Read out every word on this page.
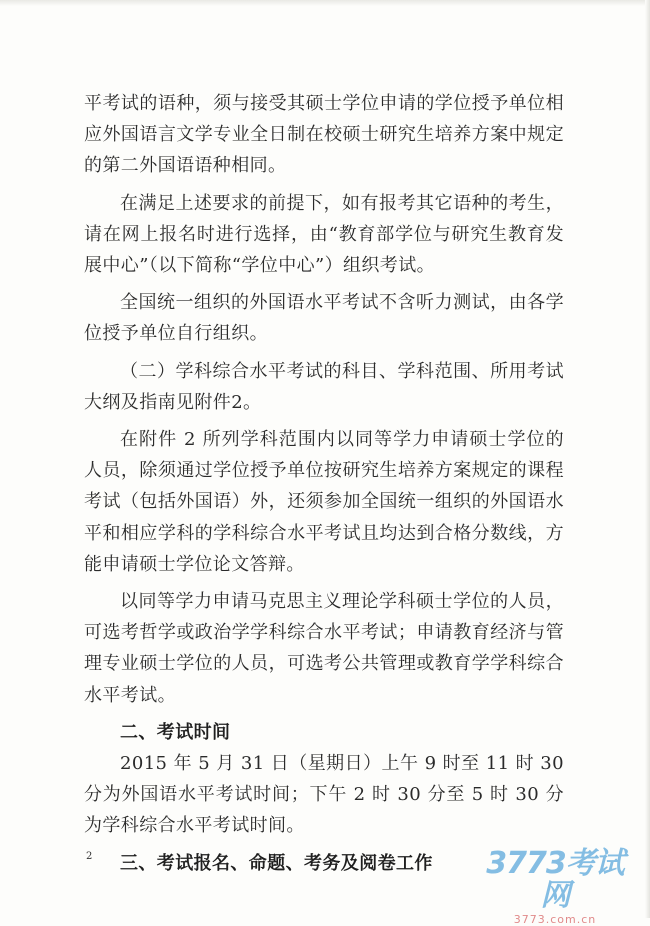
平考试的语种，须与接受其硕士学位申请的学位授予单位相应外国语言文学专业全日制在校硕士研究生培养方案中规定的第二外国语语种相同。

在满足上述要求的前提下，如有报考其它语种的考生，请在网上报名时进行选择，由“教育部学位与研究生教育发展中心”（以下简称“学位中心”）组织考试。

全国统一组织的外国语水平考试不含听力测试，由各学位授予单位自行组织。

（二）学科综合水平考试的科目、学科范围、所用考试大纲及指南见附件2。

在附件 2 所列学科范围内以同等学力申请硕士学位的人员，除须通过学位授予单位按研究生培养方案规定的课程考试（包括外国语）外，还须参加全国统一组织的外国语水平和相应学科的学科综合水平考试且均达到合格分数线，方能申请硕士学位论文答辩。

以同等学力申请马克思主义理论学科硕士学位的人员，可选考哲学或政治学学科综合水平考试；申请教育经济与管理专业硕士学位的人员，可选考公共管理或教育学学科综合水平考试。

二、考试时间

2015 年 5 月 31 日（星期日）上午 9 时至 11 时 30 分为外国语水平考试时间；下午 2 时 30 分至 5 时 30 分为学科综合水平考试时间。

三、考试报名、命题、考务及阅卷工作
2	3773考试网
3773.com.cn
